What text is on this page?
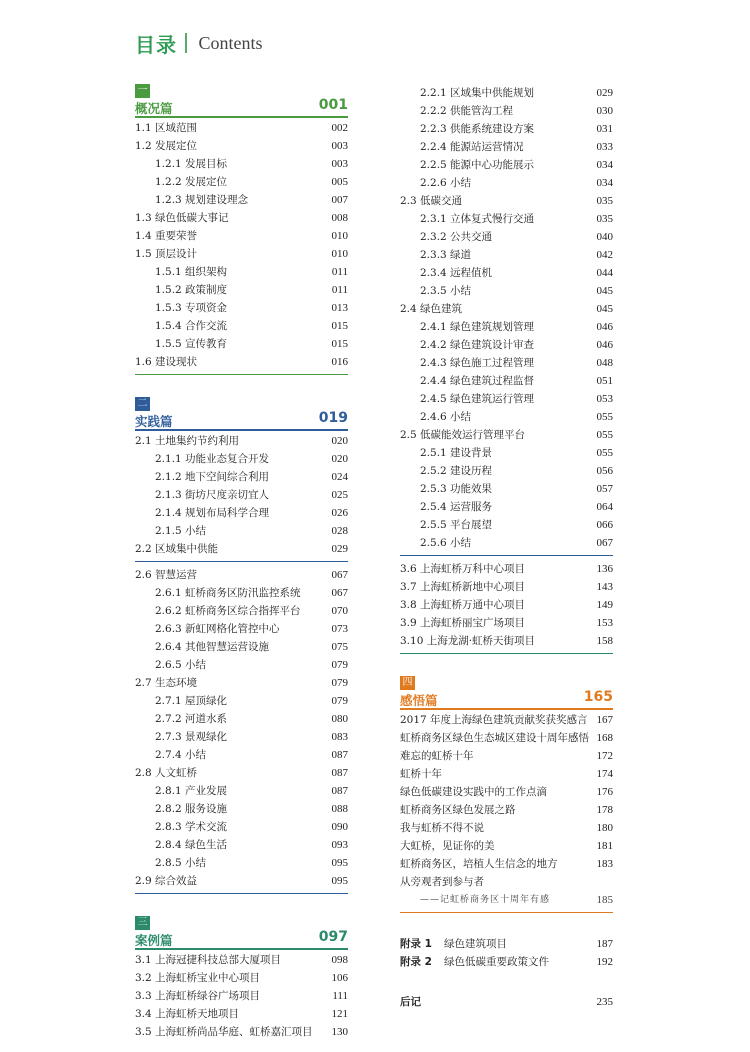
目录 Contents
一
概况篇	001
1.1 区域范围	002
1.2 发展定位	003
1.2.1 发展目标	003
1.2.2 发展定位	005
1.2.3 规划建设理念	007
1.3 绿色低碳大事记	008
1.4 重要荣誉	010
1.5 顶层设计	010
1.5.1 组织架构	011
1.5.2 政策制度	011
1.5.3 专项资金	013
1.5.4 合作交流	015
1.5.5 宣传教育	015
1.6 建设现状	016
二
实践篇	019
2.1 土地集约节约利用	020
2.1.1 功能业态复合开发	020
2.1.2 地下空间综合利用	024
2.1.3 街坊尺度亲切宜人	025
2.1.4 规划布局科学合理	026
2.1.5 小结	028
2.2 区域集中供能	029
2.6 智慧运营	067
2.6.1 虹桥商务区防汛监控系统	067
2.6.2 虹桥商务区综合指挥平台	070
2.6.3 新虹网格化管控中心	073
2.6.4 其他智慧运营设施	075
2.6.5 小结	079
2.7 生态环境	079
2.7.1 屋顶绿化	079
2.7.2 河道水系	080
2.7.3 景观绿化	083
2.7.4 小结	087
2.8 人文虹桥	087
2.8.1 产业发展	087
2.8.2 服务设施	088
2.8.3 学术交流	090
2.8.4 绿色生活	093
2.8.5 小结	095
2.9 综合效益	095
三
案例篇	097
3.1 上海冠捷科技总部大厦项目	098
3.2 上海虹桥宝业中心项目	106
3.3 上海虹桥绿谷广场项目	111
3.4 上海虹桥天地项目	121
3.5 上海虹桥尚品华庭、虹桥嘉汇项目 130
2.2.1 区域集中供能规划	029
2.2.2 供能管沟工程	030
2.2.3 供能系统建设方案	031
2.2.4 能源站运营情况	033
2.2.5 能源中心功能展示	034
2.2.6 小结	034
2.3 低碳交通	035
2.3.1 立体复式慢行交通	035
2.3.2 公共交通	040
2.3.3 绿道	042
2.3.4 远程值机	044
2.3.5 小结	045
2.4 绿色建筑	045
2.4.1 绿色建筑规划管理	046
2.4.2 绿色建筑设计审查	046
2.4.3 绿色施工过程管理	048
2.4.4 绿色建筑过程监督	051
2.4.5 绿色建筑运行管理	053
2.4.6 小结	055
2.5 低碳能效运行管理平台	055
2.5.1 建设背景	055
2.5.2 建设历程	056
2.5.3 功能效果	057
2.5.4 运营服务	064
2.5.5 平台展望	066
2.5.6 小结	067
3.6 上海虹桥万科中心项目	136
3.7 上海虹桥新地中心项目	143
3.8 上海虹桥万通中心项目	149
3.9 上海虹桥丽宝广场项目	153
3.10 上海龙湖·虹桥天街项目	158
四
感悟篇	165
2017 年度上海绿色建筑贡献奖获奖感言 167
虹桥商务区绿色生态城区建设十周年感悟 168
难忘的虹桥十年	172
虹桥十年	174
绿色低碳建设实践中的工作点滴	176
虹桥商务区绿色发展之路	178
我与虹桥不得不说	180
大虹桥，见证你的美	181
虹桥商务区，培植人生信念的地方	183
从旁观者到参与者
——记虹桥商务区十周年有感	185
附录 1 绿色建筑项目	187
附录 2 绿色低碳重要政策文件	192
后记	235
